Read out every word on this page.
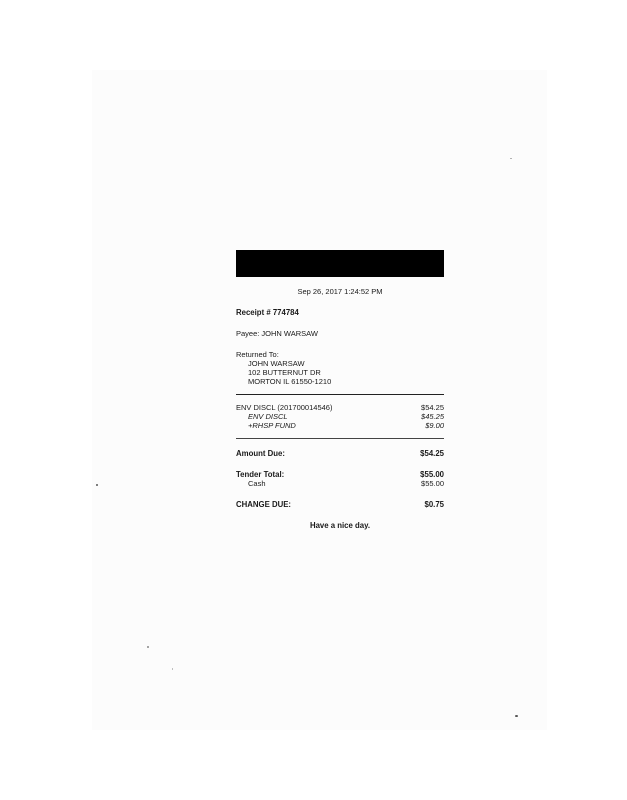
Sep 26, 2017 1:24:52 PM
Receipt # 774784
Payee: JOHN WARSAW
Returned To:
JOHN WARSAW
102 BUTTERNUT DR
MORTON IL 61550-1210
ENV DISCL (201700014546)	$54.25
ENV DISCL	$45.25
+RHSP FUND	$9.00
Amount Due:	$54.25
Tender Total:	$55.00
Cash	$55.00
CHANGE DUE:	$0.75
Have a nice day.
